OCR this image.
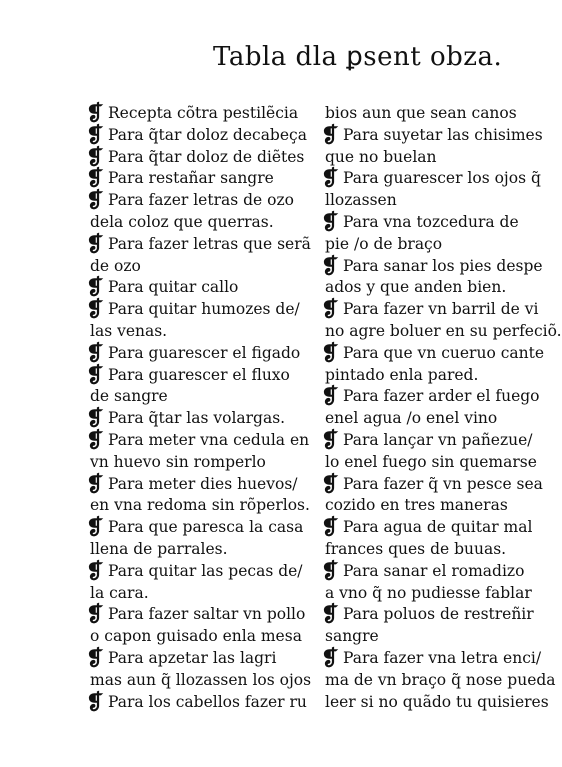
Tabla dla ꝑsent obza.
❡ Recepta cõtra pestilẽcia
❡ Para q̃tar doloz decabeça
❡ Para q̃tar doloz de diẽtes
❡ Para restañar sangre
❡ Para fazer letras de ozo
dela coloz que querras.
❡ Para fazer letras que serã
de ozo
❡ Para quitar callo
❡ Para quitar humozes de/
las venas.
❡ Para guarescer el figado
❡ Para guarescer el fluxo
de sangre
❡ Para q̃tar las volargas.
❡ Para meter vna cedula en
vn huevo sin romperlo
❡ Para meter dies huevos/
en vna redoma sin rõperlos.
❡ Para que paresca la casa
llena de parrales.
❡ Para quitar las pecas de/
la cara.
❡ Para fazer saltar vn pollo
o capon guisado enla mesa
❡ Para apzetar las lagri
mas aun q̃ llozassen los ojos
❡ Para los cabellos fazer ru
bios aun que sean canos
❡ Para suyetar las chisimes
que no buelan
❡ Para guarescer los ojos q̃
llozassen
❡ Para vna tozcedura de
pie /o de braço
❡ Para sanar los pies despe
ados y que anden bien.
❡ Para fazer vn barril de vi
no agre boluer en su perfeciõ.
❡ Para que vn cueruo cante
pintado enla pared.
❡ Para fazer arder el fuego
enel agua /o enel vino
❡ Para lançar vn pañezue/
lo enel fuego sin quemarse
❡ Para fazer q̃ vn pesce sea
cozido en tres maneras
❡ Para agua de quitar mal
frances ques de buuas.
❡ Para sanar el romadizo
a vno q̃ no pudiesse fablar
❡ Para poluos de restreñir
sangre
❡ Para fazer vna letra enci/
ma de vn braço q̃ nose pueda
leer si no quãdo tu quisieres
